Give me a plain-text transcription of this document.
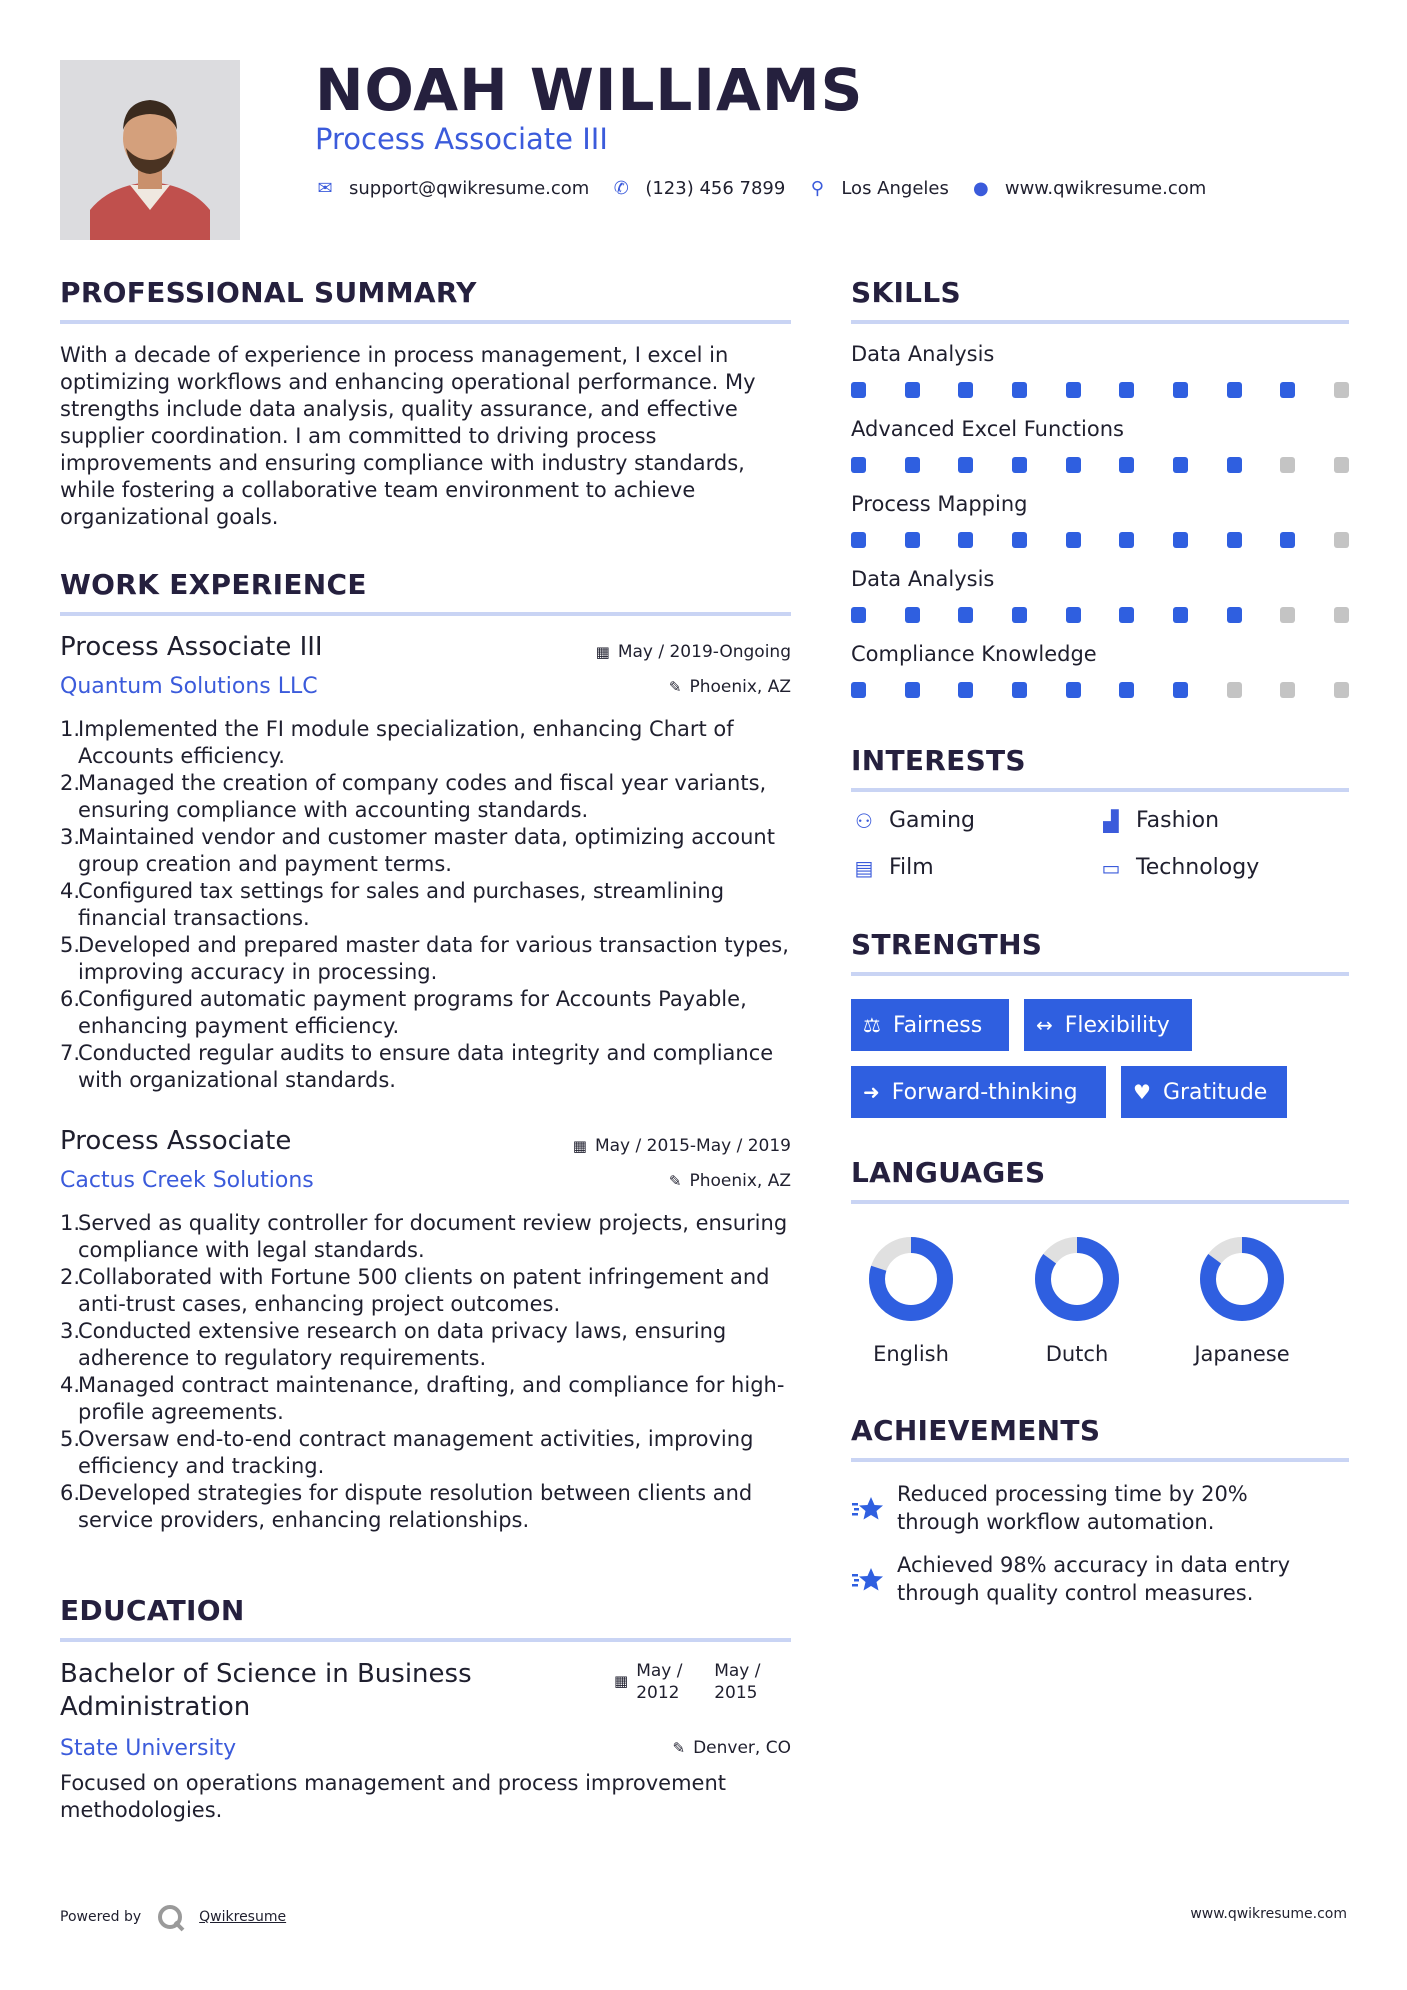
NOAH WILLIAMS
Process Associate III
✉ support@qwikresume.com ✆ (123) 456 7899 ⚲ Los Angeles ● www.qwikresume.com
PROFESSIONAL SUMMARY
With a decade of experience in process management, I excel in optimizing workflows and enhancing operational performance. My strengths include data analysis, quality assurance, and effective supplier coordination. I am committed to driving process improvements and ensuring compliance with industry standards, while fostering a collaborative team environment to achieve organizational goals.
WORK EXPERIENCE
Process Associate III	▦ May / 2019-Ongoing
Quantum Solutions LLC	✎ Phoenix, AZ
1.
Implemented the FI module specialization, enhancing Chart of Accounts efficiency.
2.
Managed the creation of company codes and fiscal year variants, ensuring compliance with accounting standards.
3.
Maintained vendor and customer master data, optimizing account group creation and payment terms.
4.
Configured tax settings for sales and purchases, streamlining financial transactions.
5.
Developed and prepared master data for various transaction types, improving accuracy in processing.
6.
Configured automatic payment programs for Accounts Payable, enhancing payment efficiency.
7.
Conducted regular audits to ensure data integrity and compliance with organizational standards.
Process Associate	▦ May / 2015-May / 2019
Cactus Creek Solutions	✎ Phoenix, AZ
1.
Served as quality controller for document review projects, ensuring compliance with legal standards.
2.
Collaborated with Fortune 500 clients on patent infringement and anti-trust cases, enhancing project outcomes.
3.
Conducted extensive research on data privacy laws, ensuring adherence to regulatory requirements.
4.
Managed contract maintenance, drafting, and compliance for high-profile agreements.
5.
Oversaw end-to-end contract management activities, improving efficiency and tracking.
6.
Developed strategies for dispute resolution between clients and service providers, enhancing relationships.
EDUCATION
Bachelor of Science in Business Administration
▦ May / 2012
May / 2015
State University	✎ Denver, CO
Focused on operations management and process improvement methodologies.
SKILLS
Data Analysis
Advanced Excel Functions
Process Mapping
Data Analysis
Compliance Knowledge
INTERESTS
⚇ Gaming	▟ Fashion
▤ Film	▭ Technology
STRENGTHS
⚖ Fairness	↔ Flexibility
➜ Forward-thinking	♥ Gratitude
LANGUAGES
English	Dutch	Japanese
ACHIEVEMENTS
Reduced processing time by 20% through workflow automation.
Achieved 98% accuracy in data entry through quality control measures.
Powered by	Qwikresume	www.qwikresume.com
